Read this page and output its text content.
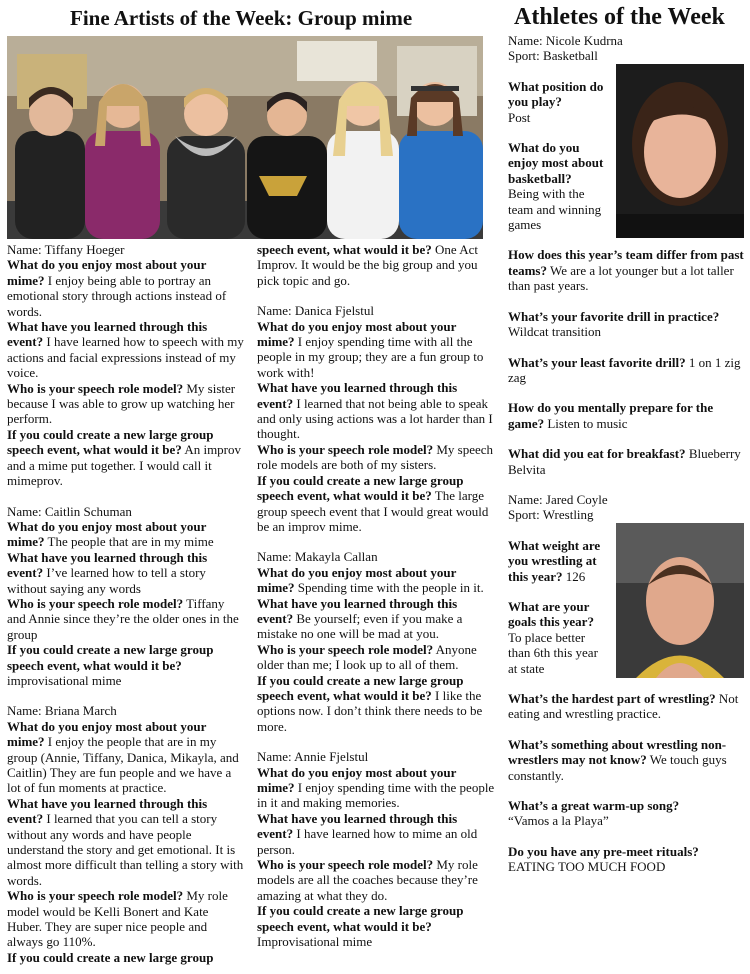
Fine Artists of the Week: Group mime	Athletes of the Week
Name: Tiffany Hoeger
What do you enjoy most about your mime? I enjoy being able to portray an emotional story through actions instead of words.
What have you learned through this event? I have learned how to speech with my actions and facial expressions instead of my voice.
Who is your speech role model? My sister because I was able to grow up watching her perform.
If you could create a new large group speech event, what would it be? An improv and a mime put together. I would call it mimeprov.
Name: Caitlin Schuman
What do you enjoy most about your mime? The people that are in my mime
What have you learned through this event? I’ve learned how to tell a story without saying any words
Who is your speech role model? Tiffany and Annie since they’re the older ones in the group
If you could create a new large group speech event, what would it be? improvisational mime
Name: Briana March
What do you enjoy most about your mime? I enjoy the people that are in my group (Annie, Tiffany, Danica, Mikayla, and Caitlin) They are fun people and we have a lot of fun moments at practice.
What have you learned through this event? I learned that you can tell a story without any words and have people understand the story and get emotional. It is almost more difficult than telling a story with words.
Who is your speech role model? My role model would be Kelli Bonert and Kate Huber. They are super nice people and always go 110%.
If you could create a new large group
speech event, what would it be? One Act Improv. It would be the big group and you pick topic and go.
Name: Danica Fjelstul
What do you enjoy most about your mime? I enjoy spending time with all the people in my group; they are a fun group to work with!
What have you learned through this event? I learned that not being able to speak and only using actions was a lot harder than I thought.
Who is your speech role model? My speech role models are both of my sisters.
If you could create a new large group speech event, what would it be? The large group speech event that I would great would be an improv mime.
Name: Makayla Callan
What do you enjoy most about your mime? Spending time with the people in it.
What have you learned through this event? Be yourself; even if you make a mistake no one will be mad at you.
Who is your speech role model? Anyone older than me; I look up to all of them.
If you could create a new large group speech event, what would it be? I like the options now. I don’t think there needs to be more.
Name: Annie Fjelstul
What do you enjoy most about your mime? I enjoy spending time with the people in it and making memories.
What have you learned through this event? I have learned how to mime an old person.
Who is your speech role model? My role models are all the coaches because they’re amazing at what they do.
If you could create a new large group speech event, what would it be? Improvisational mime
Name: Nicole Kudrna
Sport: Basketball
What position do you play?
Post
What do you enjoy most about basketball?
Being with the team and winning games
How does this year’s team differ from past teams? We are a lot younger but a lot taller than past years.
What’s your favorite drill in practice?
Wildcat transition
What’s your least favorite drill? 1 on 1 zig zag
How do you mentally prepare for the game? Listen to music
What did you eat for breakfast? Blueberry Belvita
Name: Jared Coyle
Sport: Wrestling
What weight are you wrestling at this year? 126
What are your goals this year?
To place better than 6th this year at state
What’s the hardest part of wrestling? Not eating and wrestling practice.
What’s something about wrestling non-wrestlers may not know? We touch guys constantly.
What’s a great warm-up song?
“Vamos a la Playa”
Do you have any pre-meet rituals?
EATING TOO MUCH FOOD
